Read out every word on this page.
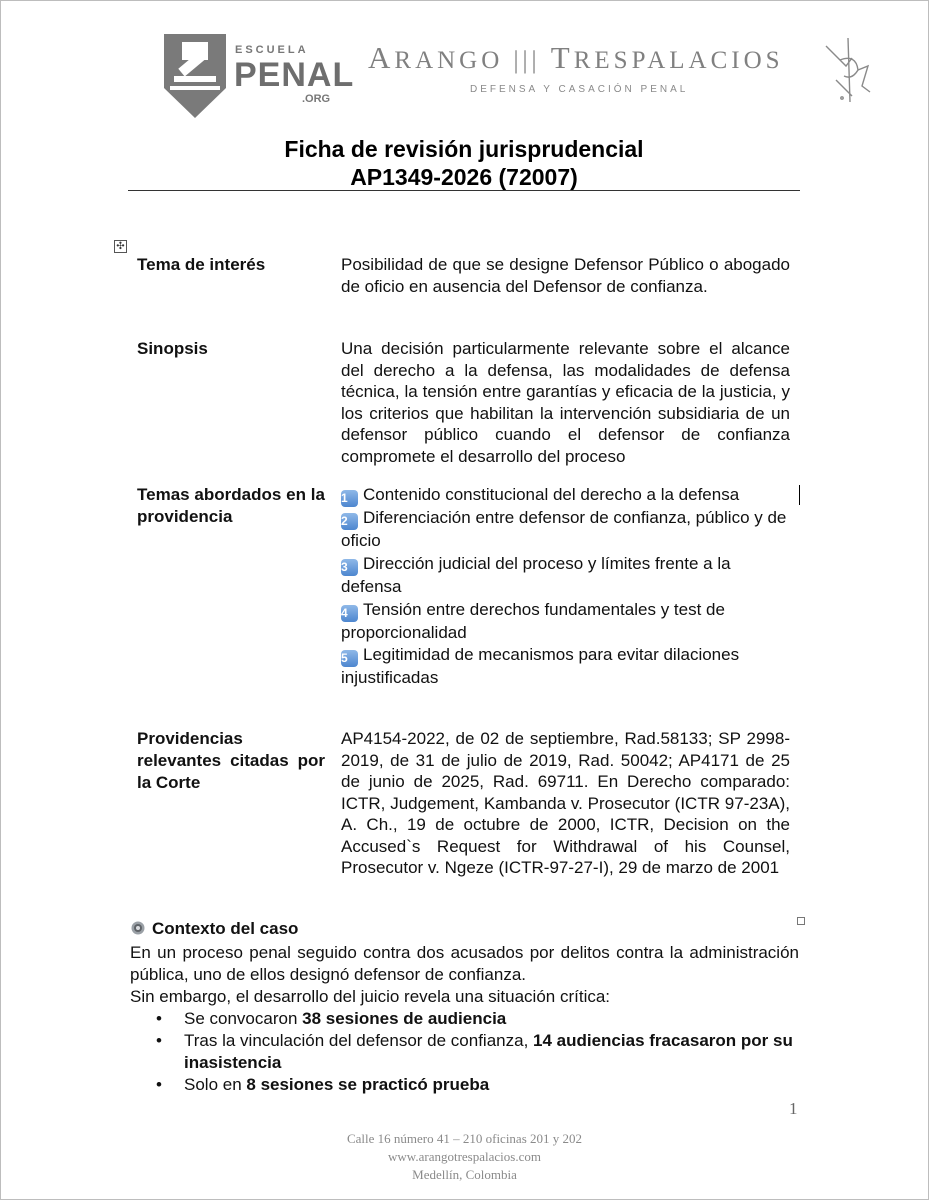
ESCUELA
PENAL
.ORG
ARANGO ||| TRESPALACIOS
DEFENSA Y CASACIÓN PENAL
Ficha de revisión jurisprudencial
AP1349-2026 (72007)
✣
Tema de interés	Posibilidad de que se designe Defensor Público o abogado de oficio en ausencia del Defensor de confianza.
Sinopsis	Una decisión particularmente relevante sobre el alcance del derecho a la defensa, las modalidades de defensa técnica, la tensión entre garantías y eficacia de la justicia, y los criterios que habilitan la intervención subsidiaria de un defensor público cuando el defensor de confianza compromete el desarrollo del proceso
Temas abordados en la providencia
1 Contenido constitucional del derecho a la defensa
2 Diferenciación entre defensor de confianza, público y de oficio
3 Dirección judicial del proceso y límites frente a la defensa
4 Tensión entre derechos fundamentales y test de proporcionalidad
5 Legitimidad de mecanismos para evitar dilaciones injustificadas
Providencias relevantes citadas por la Corte
AP4154-2022, de 02 de septiembre, Rad.58133; SP 2998- 2019, de 31 de julio de 2019, Rad. 50042; AP4171 de 25 de junio de 2025, Rad. 69711. En Derecho comparado: ICTR, Judgement, Kambanda v. Prosecutor (ICTR 97-23A), A. Ch., 19 de octubre de 2000, ICTR, Decision on the Accused`s Request for Withdrawal of his Counsel, Prosecutor v. Ngeze (ICTR-97-27-I), 29 de marzo de 2001
Contexto del caso
En un proceso penal seguido contra dos acusados por delitos contra la administración pública, uno de ellos designó defensor de confianza.
Sin embargo, el desarrollo del juicio revela una situación crítica:
• Se convocaron 38 sesiones de audiencia
• Tras la vinculación del defensor de confianza, 14 audiencias fracasaron por su inasistencia
• Solo en 8 sesiones se practicó prueba
1
Calle 16 número 41 – 210 oficinas 201 y 202
www.arangotrespalacios.com
Medellín, Colombia
